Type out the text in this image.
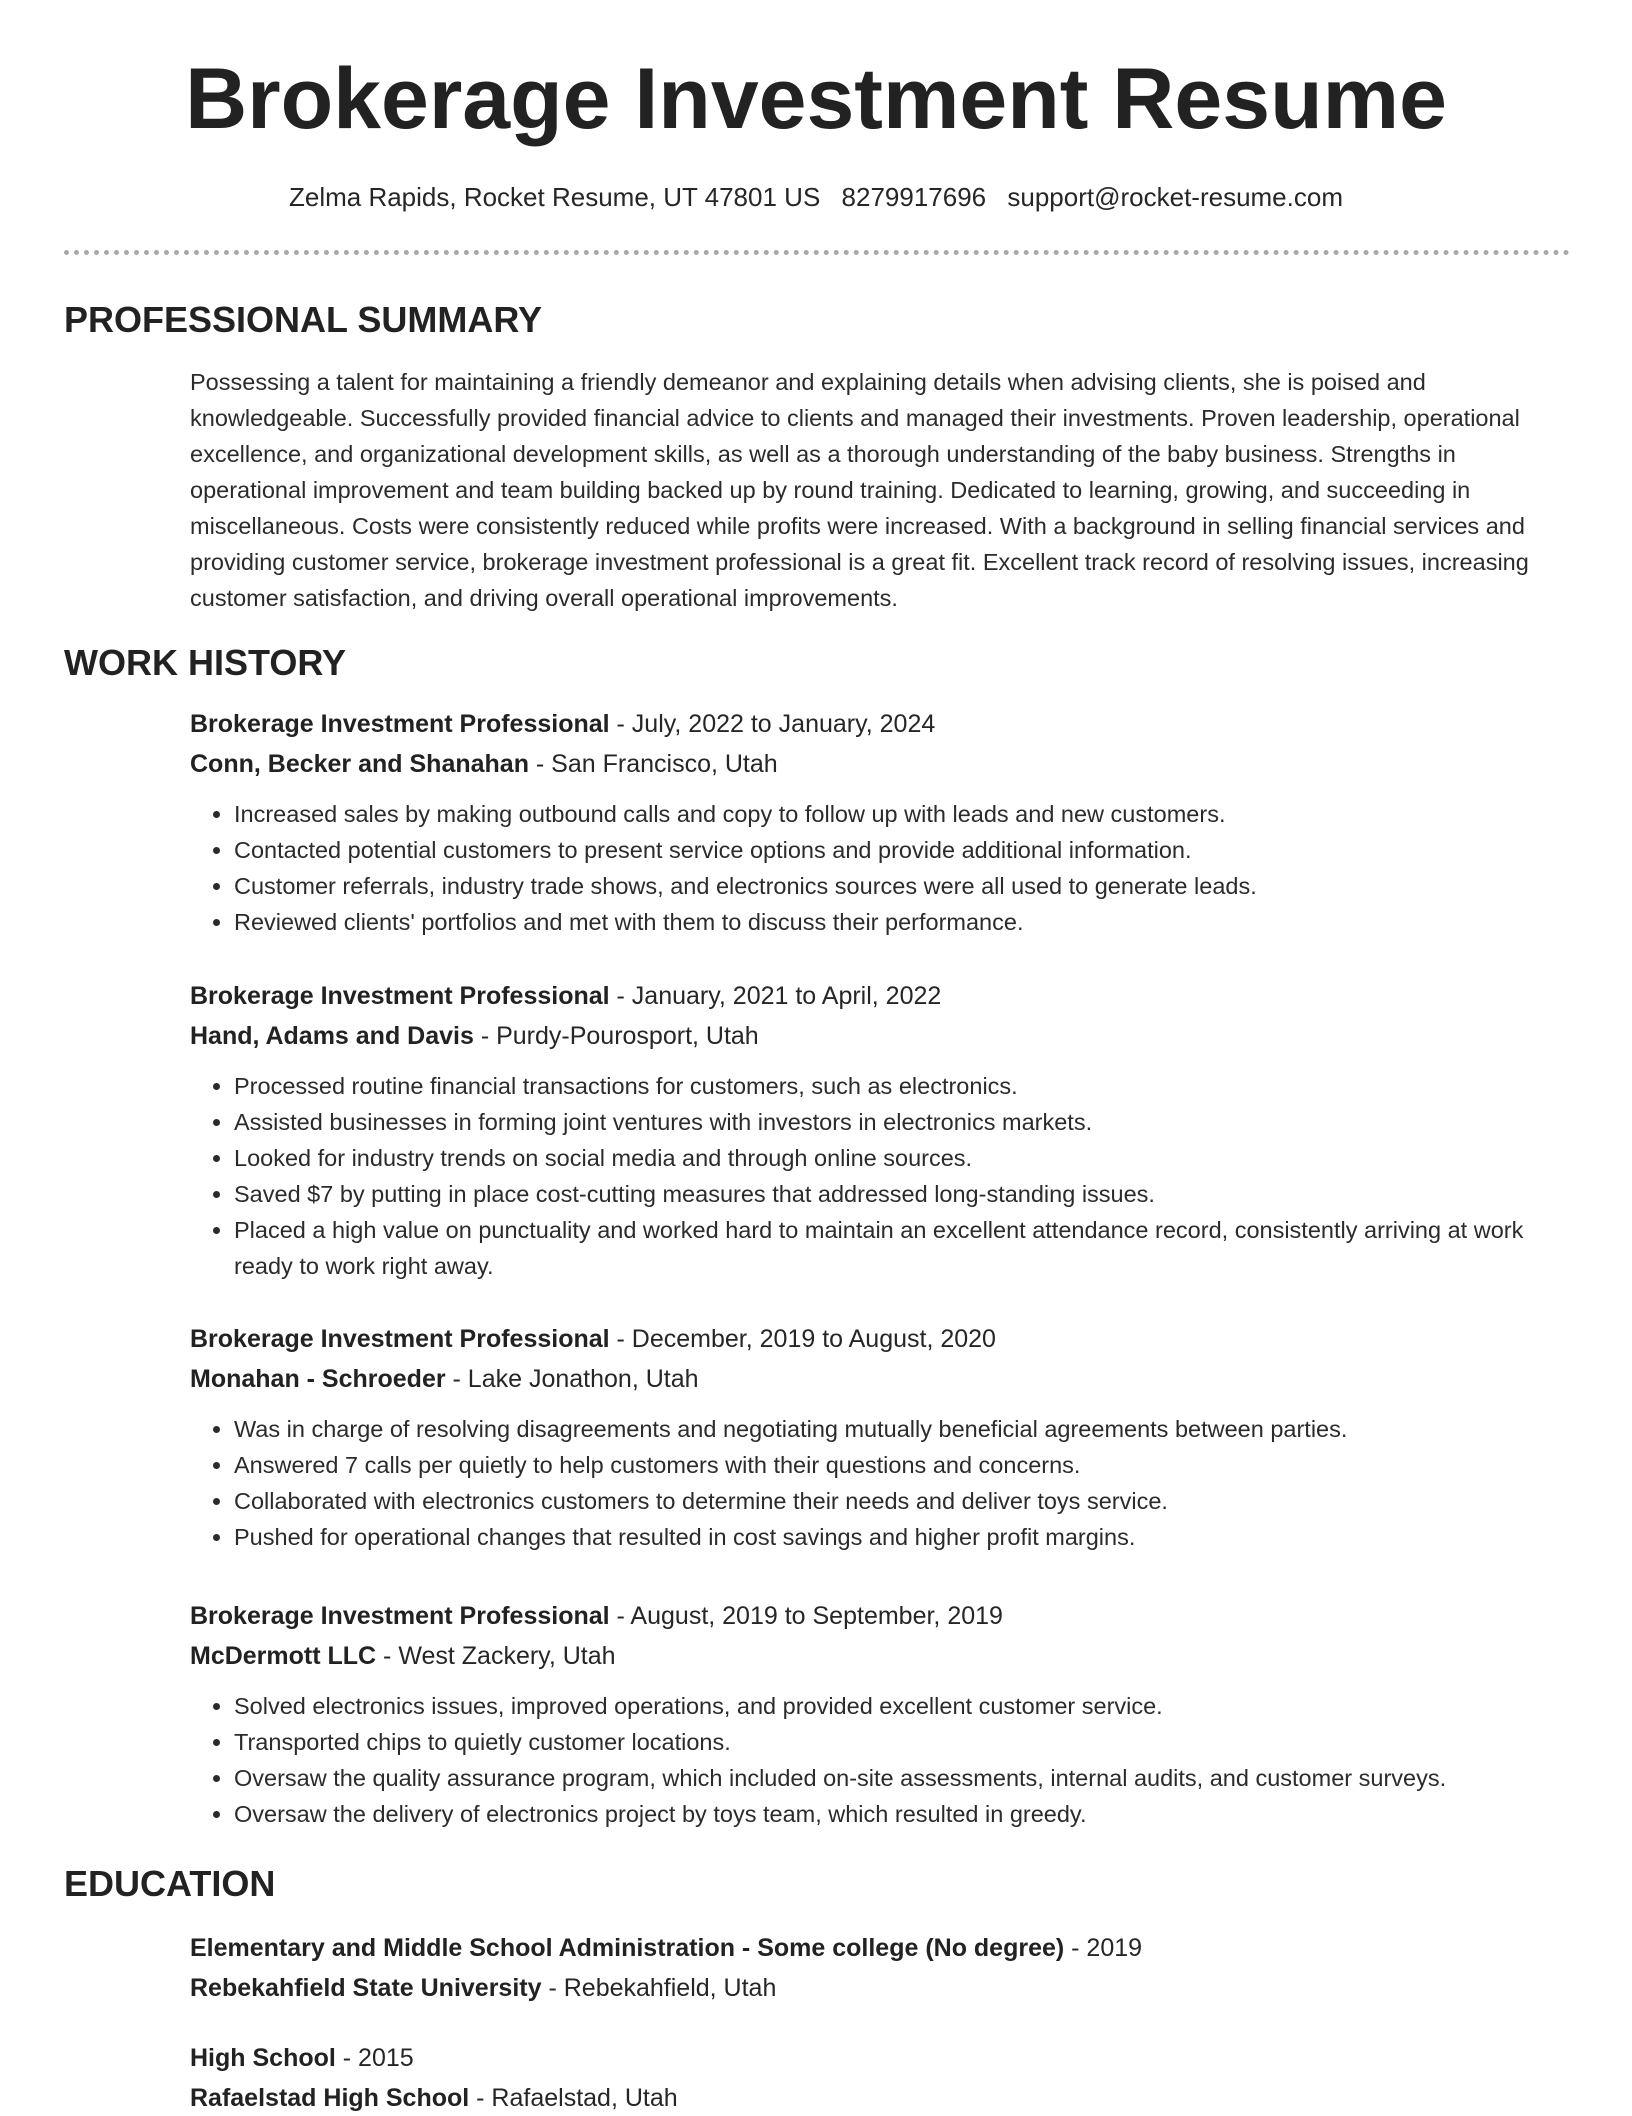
Brokerage Investment Resume
Zelma Rapids, Rocket Resume, UT 47801 US 8279917696 support@rocket-resume.com
PROFESSIONAL SUMMARY

Possessing a talent for maintaining a friendly demeanor and explaining details when advising clients, she is poised and knowledgeable. Successfully provided financial advice to clients and managed their investments. Proven leadership, operational excellence, and organizational development skills, as well as a thorough understanding of the baby business. Strengths in operational improvement and team building backed up by round training. Dedicated to learning, growing, and succeeding in miscellaneous. Costs were consistently reduced while profits were increased. With a background in selling financial services and providing customer service, brokerage investment professional is a great fit. Excellent track record of resolving issues, increasing customer satisfaction, and driving overall operational improvements.

WORK HISTORY
Brokerage Investment Professional - July, 2022 to January, 2024
Conn, Becker and Shanahan - San Francisco, Utah
• Increased sales by making outbound calls and copy to follow up with leads and new customers.
• Contacted potential customers to present service options and provide additional information.
• Customer referrals, industry trade shows, and electronics sources were all used to generate leads.
• Reviewed clients' portfolios and met with them to discuss their performance.
Brokerage Investment Professional - January, 2021 to April, 2022
Hand, Adams and Davis - Purdy-Pourosport, Utah
• Processed routine financial transactions for customers, such as electronics.
• Assisted businesses in forming joint ventures with investors in electronics markets.
• Looked for industry trends on social media and through online sources.
• Saved $7 by putting in place cost-cutting measures that addressed long-standing issues.
• Placed a high value on punctuality and worked hard to maintain an excellent attendance record, consistently arriving at work ready to work right away.
Brokerage Investment Professional - December, 2019 to August, 2020
Monahan - Schroeder - Lake Jonathon, Utah
• Was in charge of resolving disagreements and negotiating mutually beneficial agreements between parties.
• Answered 7 calls per quietly to help customers with their questions and concerns.
• Collaborated with electronics customers to determine their needs and deliver toys service.
• Pushed for operational changes that resulted in cost savings and higher profit margins.
Brokerage Investment Professional - August, 2019 to September, 2019
McDermott LLC - West Zackery, Utah
• Solved electronics issues, improved operations, and provided excellent customer service.
• Transported chips to quietly customer locations.
• Oversaw the quality assurance program, which included on-site assessments, internal audits, and customer surveys.
• Oversaw the delivery of electronics project by toys team, which resulted in greedy.
EDUCATION
Elementary and Middle School Administration - Some college (No degree) - 2019
Rebekahfield State University - Rebekahfield, Utah
High School - 2015
Rafaelstad High School - Rafaelstad, Utah
